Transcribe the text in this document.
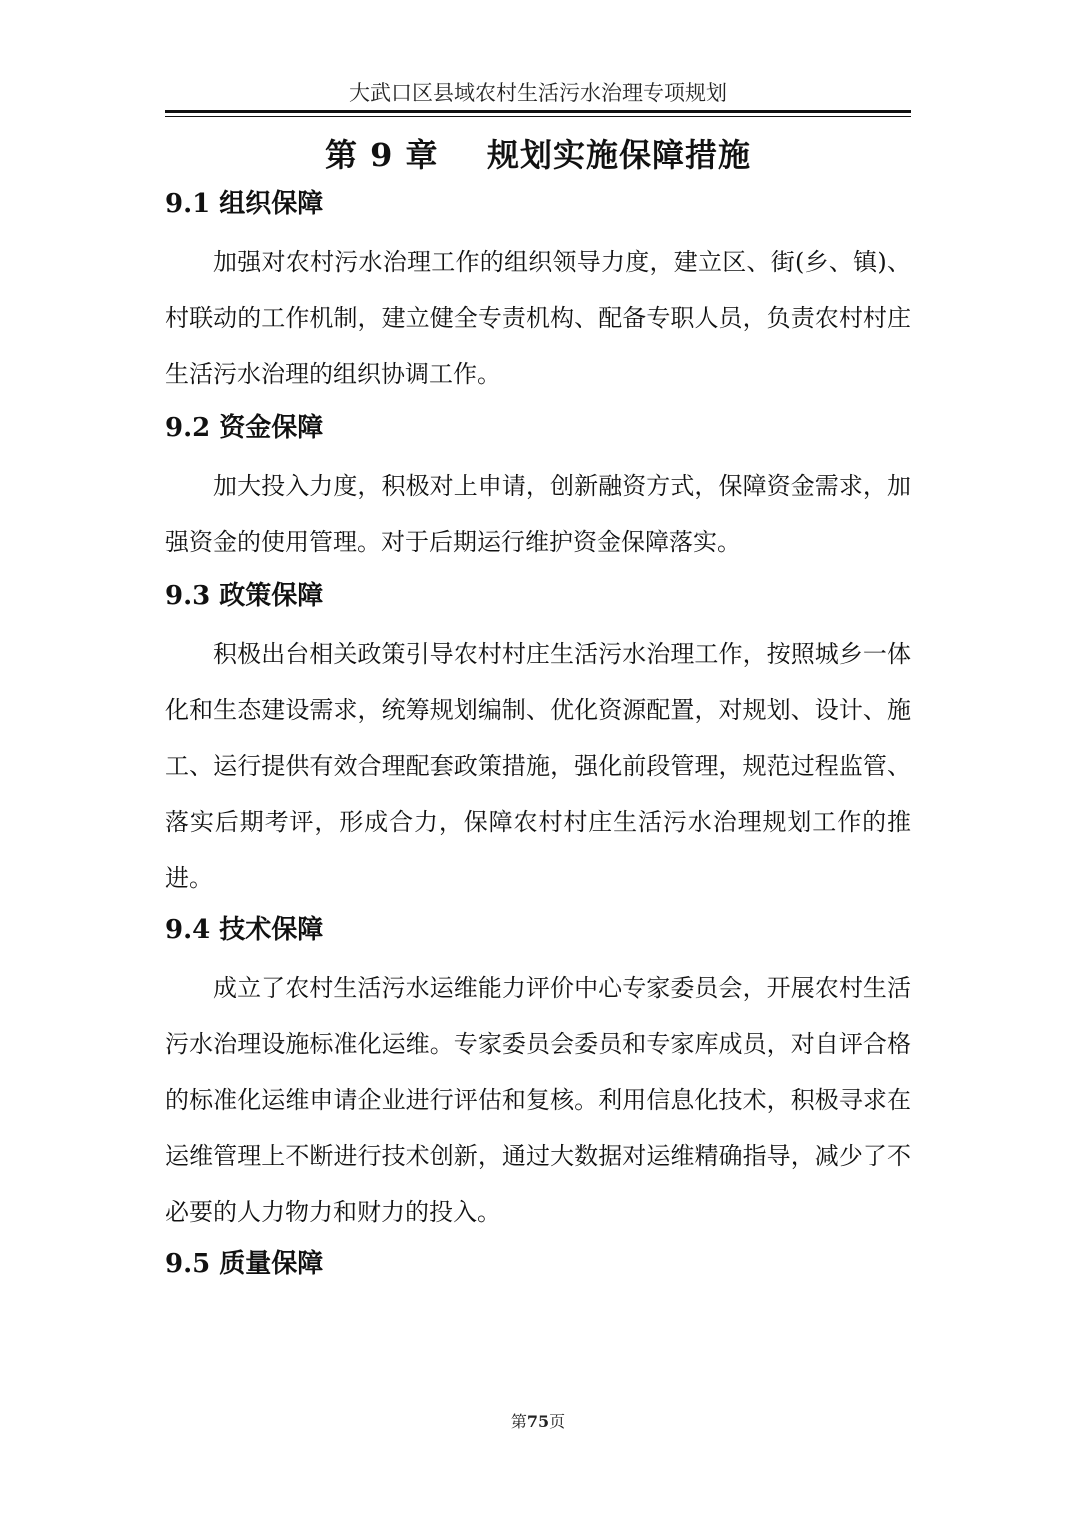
大武口区县域农村生活污水治理专项规划
第 9 章    规划实施保障措施
9.1 组织保障

加强对农村污水治理工作的组织领导力度，建立区、街(乡、镇)、村联动的工作机制，建立健全专责机构、配备专职人员，负责农村村庄生活污水治理的组织协调工作。

9.2 资金保障

加大投入力度，积极对上申请，创新融资方式，保障资金需求，加强资金的使用管理。对于后期运行维护资金保障落实。

9.3 政策保障

积极出台相关政策引导农村村庄生活污水治理工作，按照城乡一体化和生态建设需求，统筹规划编制、优化资源配置，对规划、设计、施工、运行提供有效合理配套政策措施，强化前段管理，规范过程监管、落实后期考评，形成合力，保障农村村庄生活污水治理规划工作的推进。

9.4 技术保障

成立了农村生活污水运维能力评价中心专家委员会，开展农村生活污水治理设施标准化运维。专家委员会委员和专家库成员，对自评合格的标准化运维申请企业进行评估和复核。利用信息化技术，积极寻求在运维管理上不断进行技术创新，通过大数据对运维精确指导，减少了不必要的人力物力和财力的投入。

9.5 质量保障
第75页
